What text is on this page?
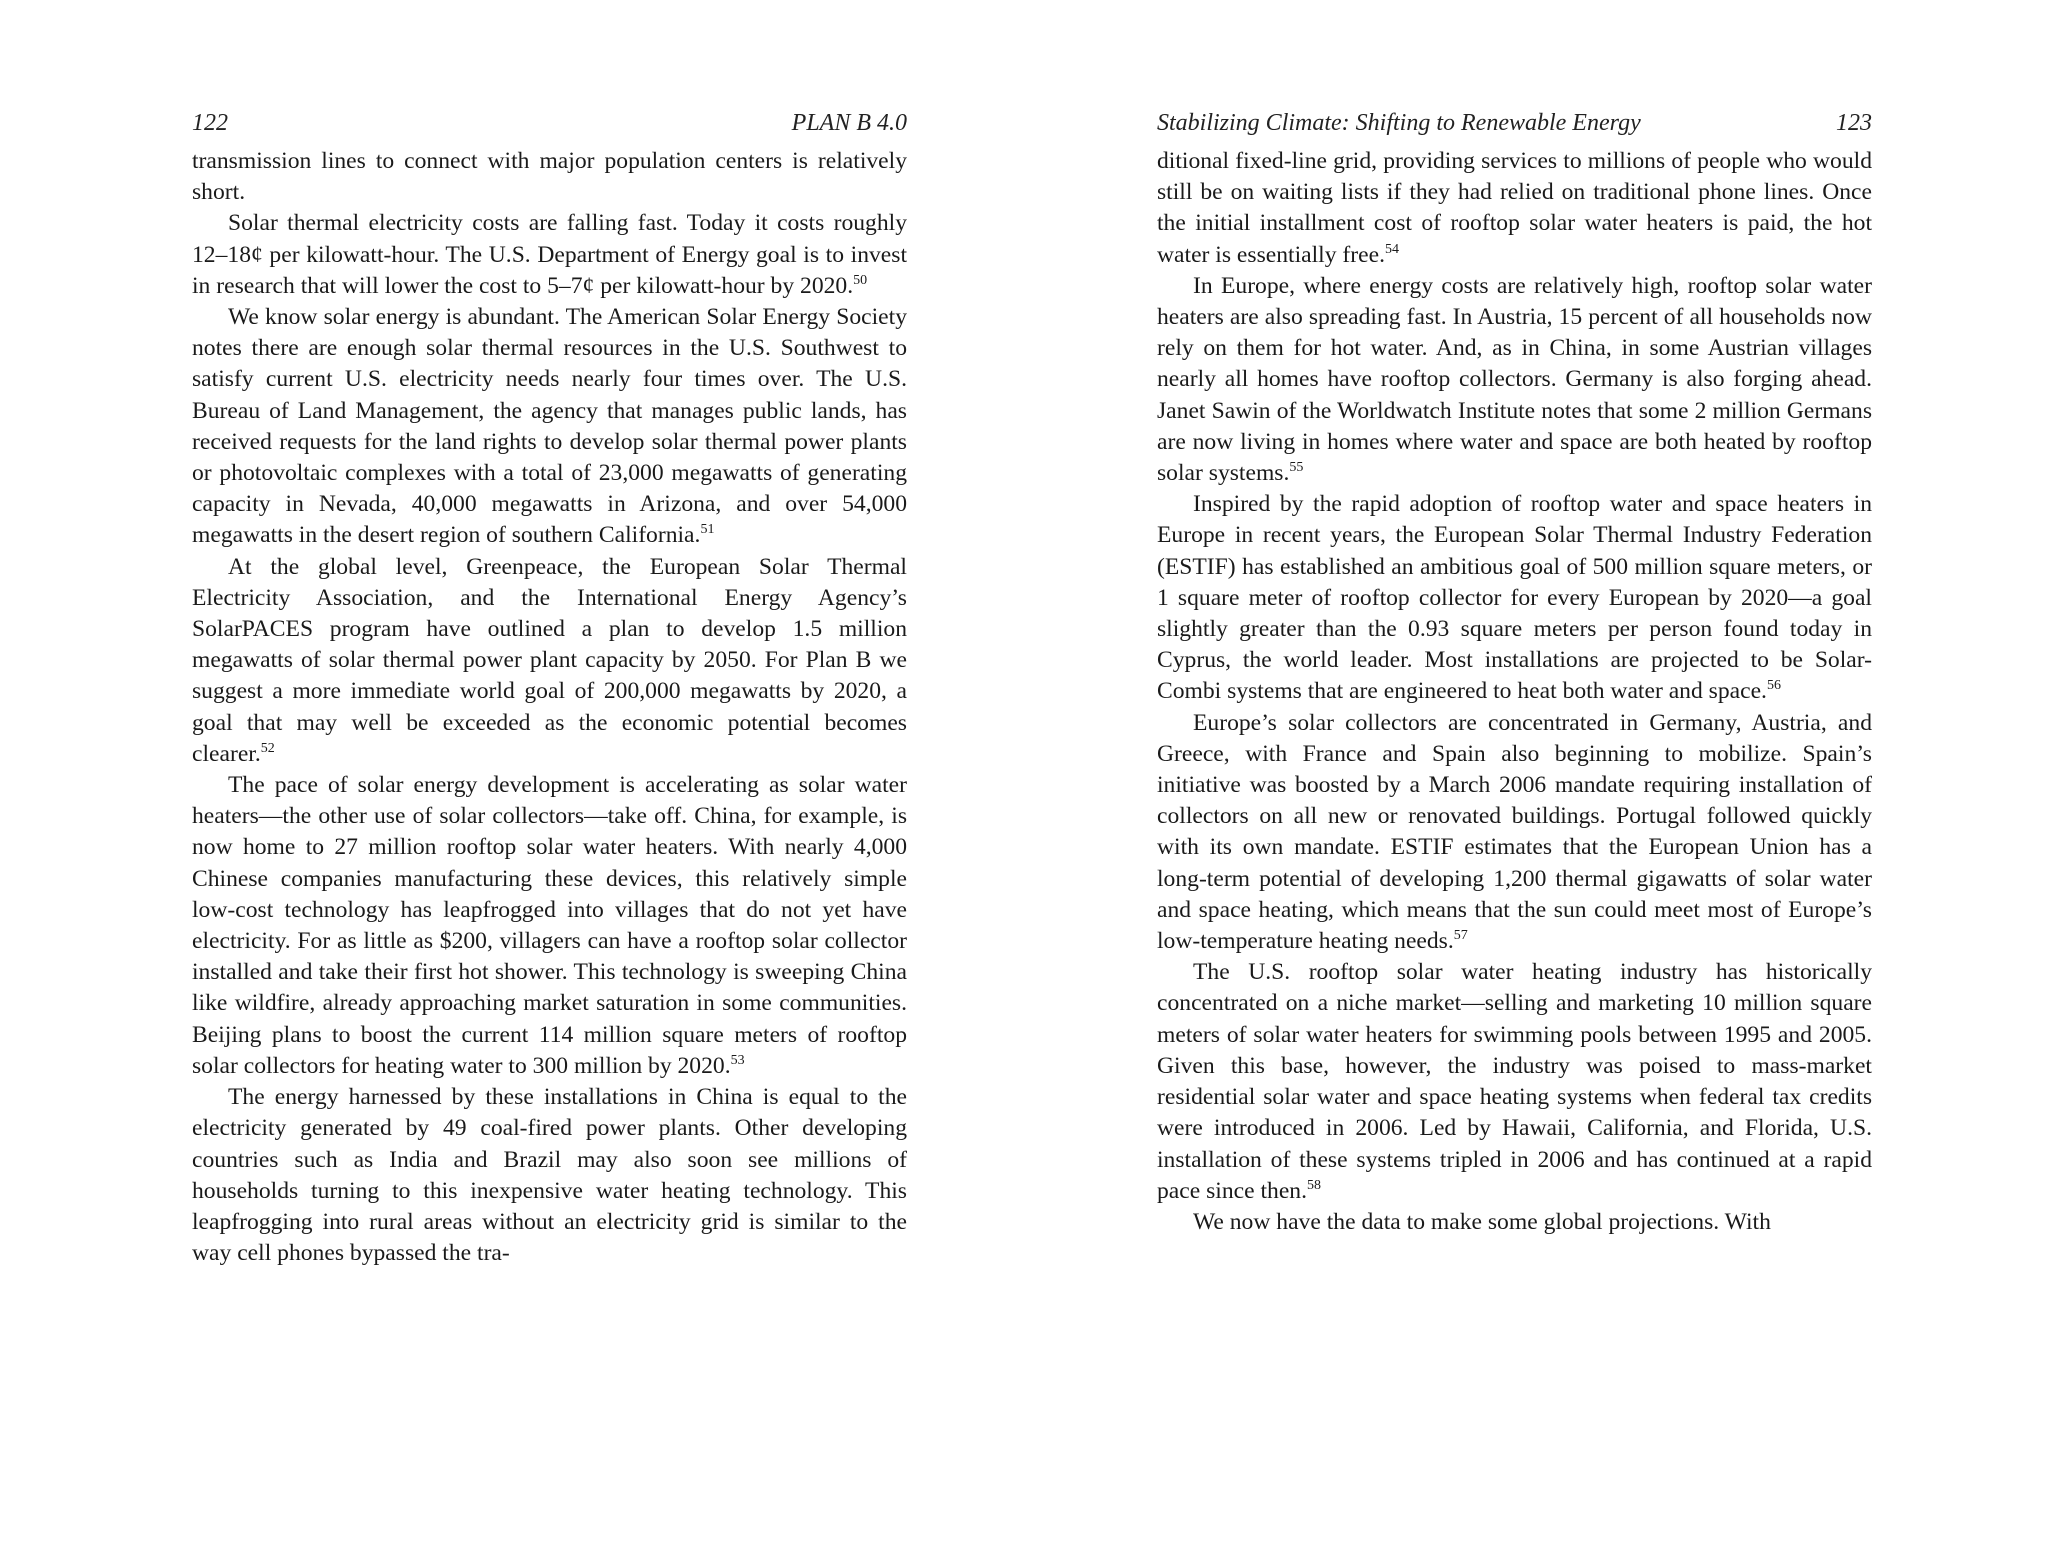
122	PLAN B 4.0

transmission lines to connect with major population centers is relatively short.

Solar thermal electricity costs are falling fast. Today it costs roughly 12–18¢ per kilowatt-hour. The U.S. Department of Energy goal is to invest in research that will lower the cost to 5–7¢ per kilowatt-hour by 2020.50

We know solar energy is abundant. The American Solar Energy Society notes there are enough solar thermal resources in the U.S. Southwest to satisfy current U.S. electricity needs nearly four times over. The U.S. Bureau of Land Management, the agency that manages public lands, has received requests for the land rights to develop solar thermal power plants or photovoltaic complexes with a total of 23,000 megawatts of generating capacity in Nevada, 40,000 megawatts in Arizona, and over 54,000 megawatts in the desert region of southern California.$^{51}$

At the global level, Greenpeace, the European Solar Thermal Electricity Association, and the International Energy Agency’s SolarPACES program have outlined a plan to develop 1.5 million megawatts of solar thermal power plant capacity by 2050. For Plan B we suggest a more immediate world goal of 200,000 megawatts by 2020, a goal that may well be exceeded as the economic potential becomes clearer.$^{52}$

The pace of solar energy development is accelerating as solar water heaters—the other use of solar collectors—take off. China, for example, is now home to 27 million rooftop solar water heaters. With nearly 4,000 Chinese companies manufacturing these devices, this relatively simple low-cost technology has leapfrogged into villages that do not yet have electricity. For as little as $200, villagers can have a rooftop solar collector installed and take their first hot shower. This technology is sweeping China like wildfire, already approaching market saturation in some communities. Beijing plans to boost the current 114 million square meters of rooftop solar collectors for heating water to 300 million by 2020.53

The energy harnessed by these installations in China is equal to the electricity generated by 49 coal-fired power plants. Other developing countries such as India and Brazil may also soon see millions of households turning to this inexpensive water heating technology. This leapfrogging into rural areas without an electricity grid is similar to the way cell phones bypassed the tra-

Stabilizing Climate: Shifting to Renewable Energy	123

ditional fixed-line grid, providing services to millions of people who would still be on waiting lists if they had relied on traditional phone lines. Once the initial installment cost of rooftop solar water heaters is paid, the hot water is essentially free.$^{54}$

In Europe, where energy costs are relatively high, rooftop solar water heaters are also spreading fast. In Austria, 15 percent of all households now rely on them for hot water. And, as in China, in some Austrian villages nearly all homes have rooftop collectors. Germany is also forging ahead. Janet Sawin of the Worldwatch Institute notes that some 2 million Germans are now living in homes where water and space are both heated by rooftop solar systems.$^{55}$

Inspired by the rapid adoption of rooftop water and space heaters in Europe in recent years, the European Solar Thermal Industry Federation (ESTIF) has established an ambitious goal of 500 million square meters, or 1 square meter of rooftop collector for every European by 2020—a goal slightly greater than the 0.93 square meters per person found today in Cyprus, the world leader. Most installations are projected to be Solar-Combi systems that are engineered to heat both water and space.$^{56}$

Europe’s solar collectors are concentrated in Germany, Austria, and Greece, with France and Spain also beginning to mobilize. Spain’s initiative was boosted by a March 2006 mandate requiring installation of collectors on all new or renovated buildings. Portugal followed quickly with its own mandate. ESTIF estimates that the European Union has a long-term potential of developing 1,200 thermal gigawatts of solar water and space heating, which means that the sun could meet most of Europe’s low-temperature heating needs.$^{57}$

The U.S. rooftop solar water heating industry has historically concentrated on a niche market—selling and marketing 10 million square meters of solar water heaters for swimming pools between 1995 and 2005. Given this base, however, the industry was poised to mass-market residential solar water and space heating systems when federal tax credits were introduced in 2006. Led by Hawaii, California, and Florida, U.S. installation of these systems tripled in 2006 and has continued at a rapid pace since then.$^{58}$

We now have the data to make some global projections. With
